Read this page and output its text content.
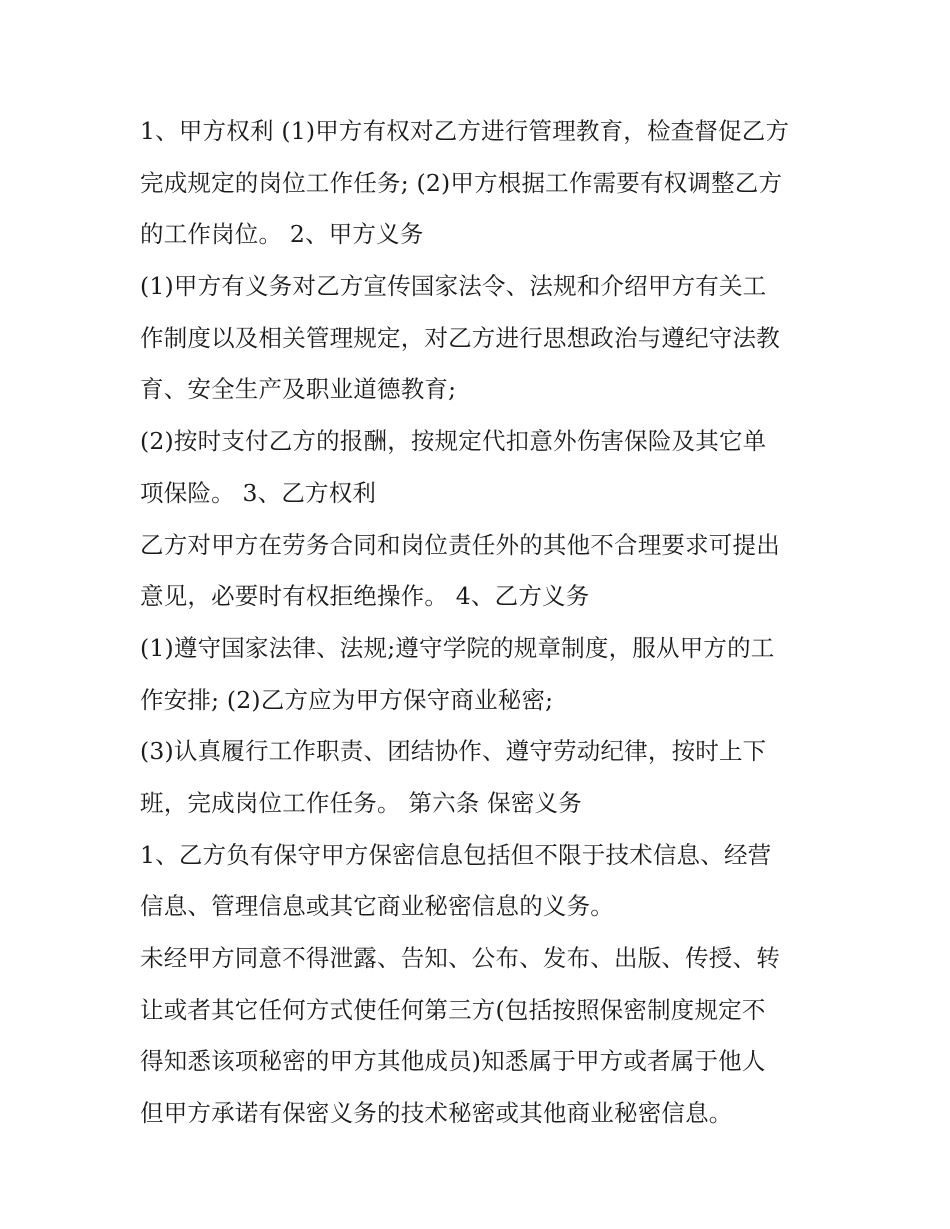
1、甲方权利 (1)甲方有权对乙方进行管理教育，检查督促乙方
完成规定的岗位工作任务; (2)甲方根据工作需要有权调整乙方
的工作岗位。 2、甲方义务
(1)甲方有义务对乙方宣传国家法令、法规和介绍甲方有关工
作制度以及相关管理规定，对乙方进行思想政治与遵纪守法教
育、安全生产及职业道德教育;
(2)按时支付乙方的报酬，按规定代扣意外伤害保险及其它单
项保险。 3、乙方权利
乙方对甲方在劳务合同和岗位责任外的其他不合理要求可提出
意见，必要时有权拒绝操作。 4、乙方义务
(1)遵守国家法律、法规;遵守学院的规章制度，服从甲方的工
作安排; (2)乙方应为甲方保守商业秘密;
(3)认真履行工作职责、团结协作、遵守劳动纪律，按时上下
班，完成岗位工作任务。 第六条 保密义务
1、乙方负有保守甲方保密信息包括但不限于技术信息、经营
信息、管理信息或其它商业秘密信息的义务。
未经甲方同意不得泄露、告知、公布、发布、出版、传授、转
让或者其它任何方式使任何第三方(包括按照保密制度规定不
得知悉该项秘密的甲方其他成员)知悉属于甲方或者属于他人
但甲方承诺有保密义务的技术秘密或其他商业秘密信息。
